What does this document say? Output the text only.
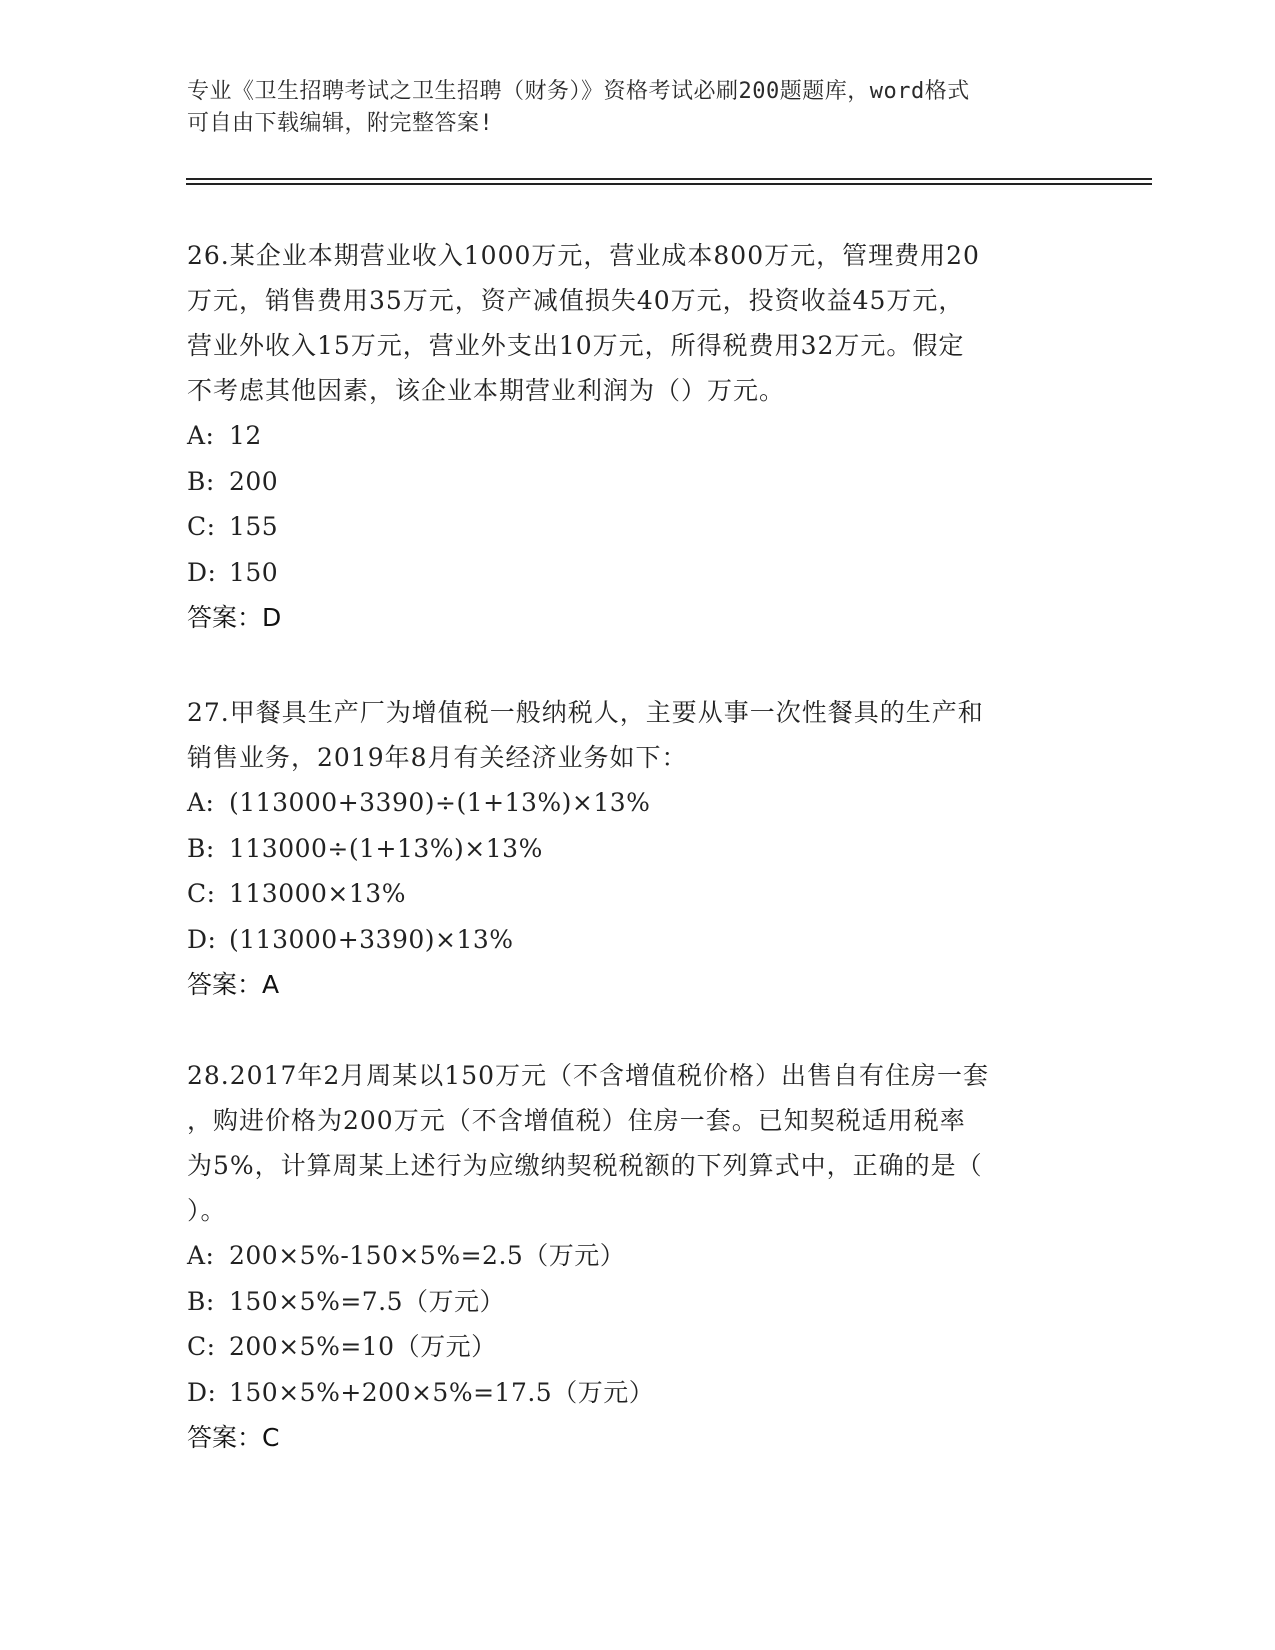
专业《卫生招聘考试之卫生招聘（财务）》资格考试必刷200题题库，word格式
可自由下载编辑，附完整答案!
26.某企业本期营业收入1000万元，营业成本800万元，管理费用20
万元，销售费用35万元，资产减值损失40万元，投资收益45万元，
营业外收入15万元，营业外支出10万元，所得税费用32万元。假定
不考虑其他因素，该企业本期营业利润为（）万元。
A: 12
B: 200
C: 155
D: 150
答案：D
27.甲餐具生产厂为增值税一般纳税人，主要从事一次性餐具的生产和
销售业务，2019年8月有关经济业务如下：
A: (113000+3390)÷(1+13%)×13%
B: 113000÷(1+13%)×13%
C: 113000×13%
D: (113000+3390)×13%
答案：A
28.2017年2月周某以150万元（不含增值税价格）出售自有住房一套
，购进价格为200万元（不含增值税）住房一套。已知契税适用税率
为5%，计算周某上述行为应缴纳契税税额的下列算式中，正确的是（
）。
A: 200×5%-150×5%=2.5（万元）
B: 150×5%=7.5（万元）
C: 200×5%=10（万元）
D: 150×5%+200×5%=17.5（万元）
答案：C
